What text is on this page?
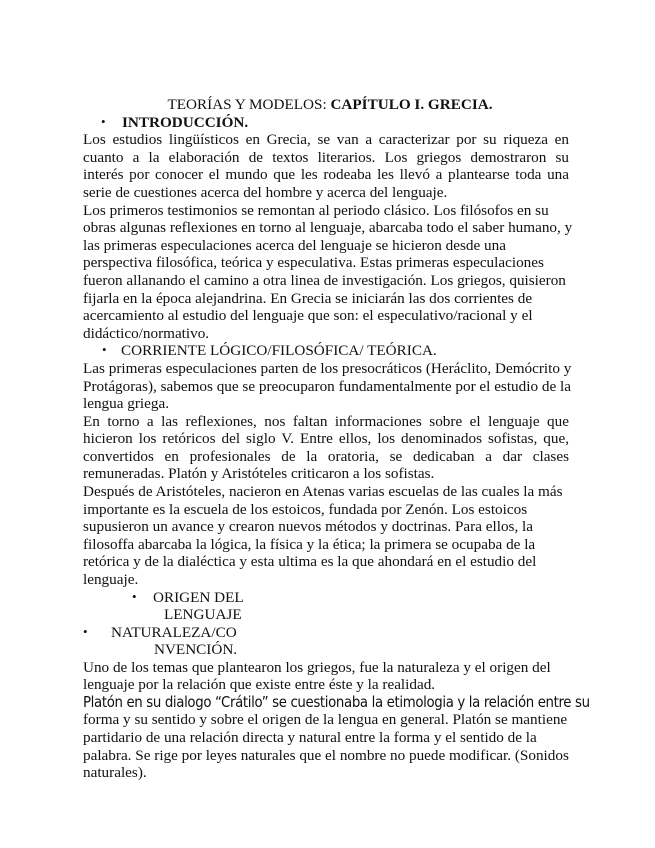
TEORÍAS Y MODELOS: CAPÍTULO I. GRECIA.
• INTRODUCCIÓN.
Los estudios lingüísticos en Grecia, se van a caracterizar por su riqueza en
cuanto a la elaboración de textos literarios. Los griegos demostraron su
interés por conocer el mundo que les rodeaba les llevó a plantearse toda una
serie de cuestiones acerca del hombre y acerca del lenguaje.
Los primeros testimonios se remontan al periodo clásico. Los filósofos en su
obras algunas reflexiones en torno al lenguaje, abarcaba todo el saber humano, y
las primeras especulaciones acerca del lenguaje se hicieron desde una
perspectiva filosófica, teórica y especulativa. Estas primeras especulaciones
fueron allanando el camino a otra linea de investigación. Los griegos, quisieron
fijarla en la época alejandrina. En Grecia se iniciarán las dos corrientes de
acercamiento al estudio del lenguaje que son: el especulativo/racional y el
didáctico/normativo.
• CORRIENTE LÓGICO/FILOSÓFICA/ TEÓRICA.
Las primeras especulaciones parten de los presocráticos (Heráclito, Demócrito y
Protágoras), sabemos que se preocuparon fundamentalmente por el estudio de la
lengua griega.
En torno a las reflexiones, nos faltan informaciones sobre el lenguaje que
hicieron los retóricos del siglo V. Entre ellos, los denominados sofistas, que,
convertidos en profesionales de la oratoria, se dedicaban a dar clases
remuneradas. Platón y Aristóteles criticaron a los sofistas.
Después de Aristóteles, nacieron en Atenas varias escuelas de las cuales la más
importante es la escuela de los estoicos, fundada por Zenón. Los estoicos
supusieron un avance y crearon nuevos métodos y doctrinas. Para ellos, la
filosoffa abarcaba la lógica, la física y la ética; la primera se ocupaba de la
retórica y de la dialéctica y esta ultima es la que ahondará en el estudio del
lenguaje.
• ORIGEN DEL
LENGUAJE
• NATURALEZA/CO
NVENCIÓN.
Uno de los temas que plantearon los griegos, fue la naturaleza y el origen del
lenguaje por la relación que existe entre éste y la realidad.
Platón en su dialogo “Crátilo” se cuestionaba la etimologia y la relación entre su
forma y su sentido y sobre el origen de la lengua en general. Platón se mantiene
partidario de una relación directa y natural entre la forma y el sentido de la
palabra. Se rige por leyes naturales que el nombre no puede modificar. (Sonidos
naturales).
